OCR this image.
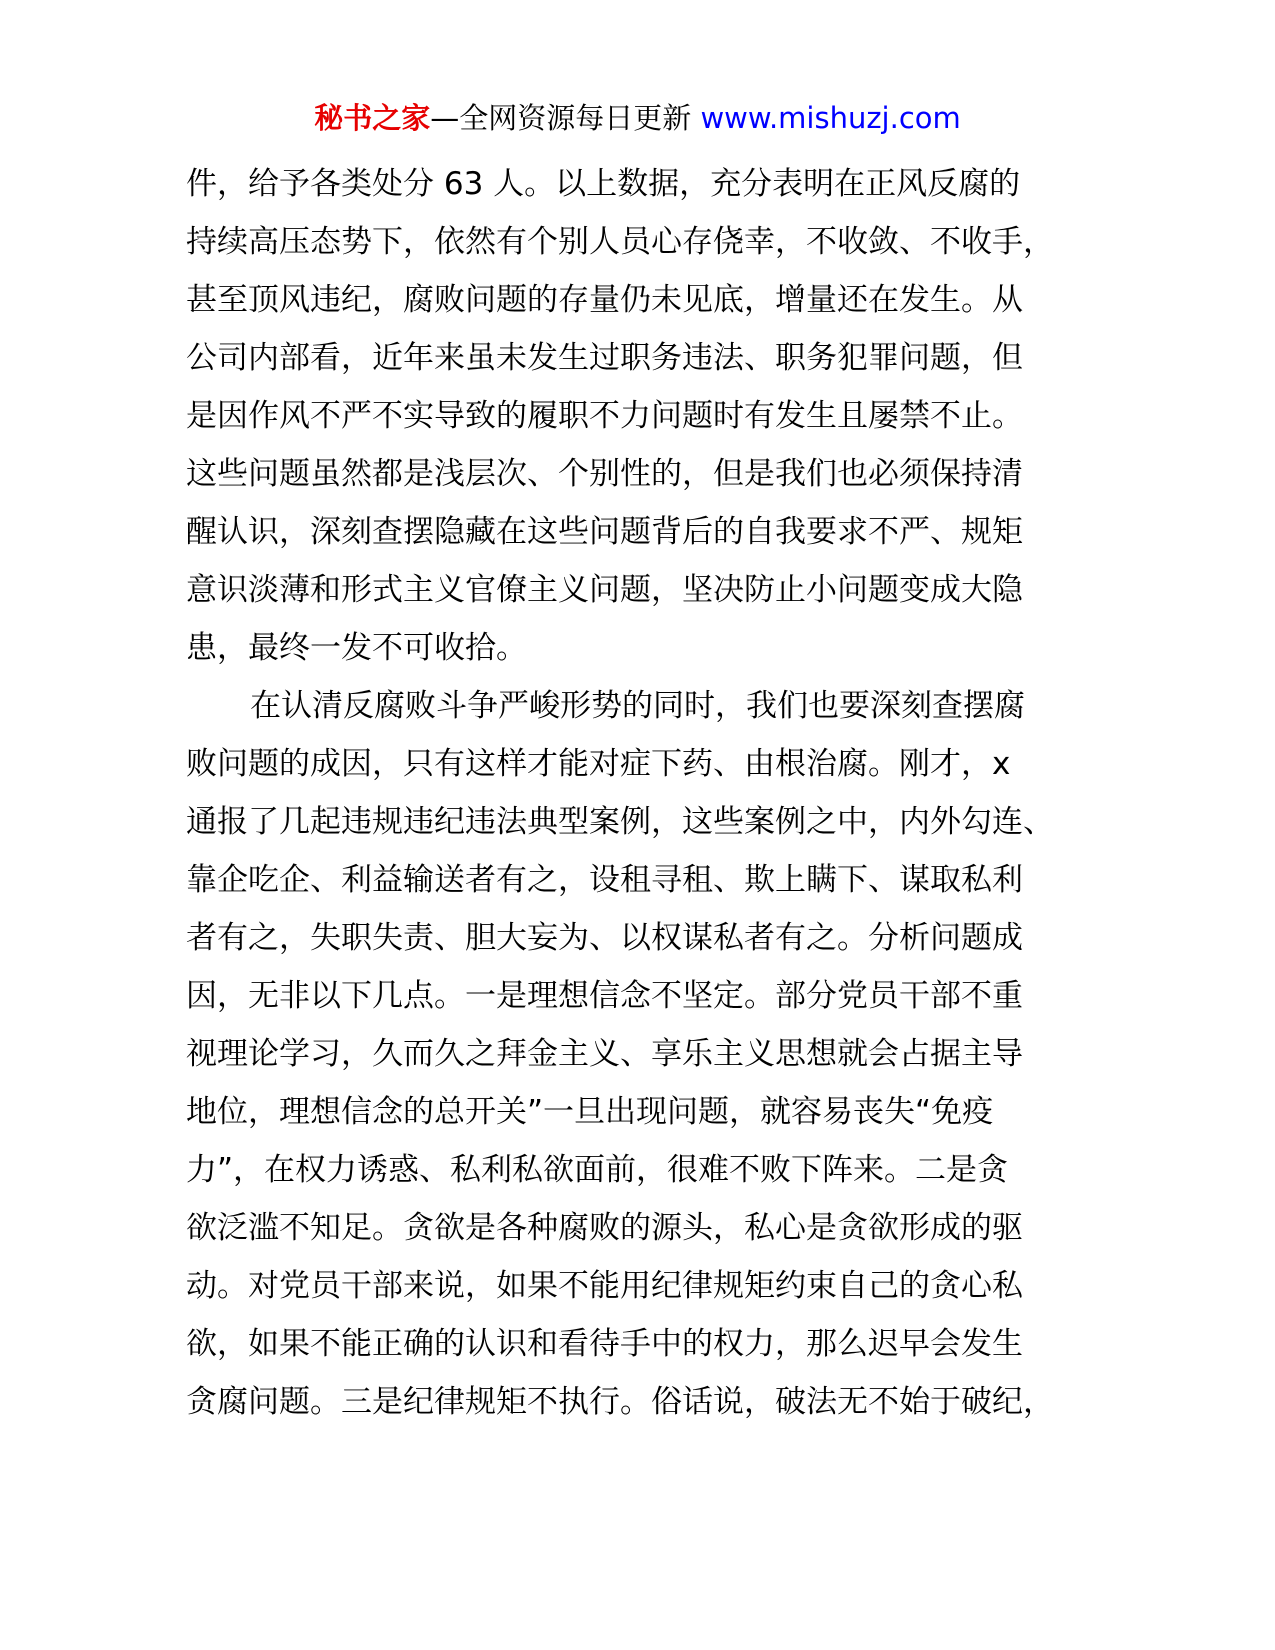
秘书之家—全网资源每日更新 www.mishuzj.com
件，给予各类处分 63 人。以上数据，充分表明在正风反腐的
持续高压态势下，依然有个别人员心存侥幸，不收敛、不收手，
甚至顶风违纪，腐败问题的存量仍未见底，增量还在发生。从
公司内部看，近年来虽未发生过职务违法、职务犯罪问题，但
是因作风不严不实导致的履职不力问题时有发生且屡禁不止。
这些问题虽然都是浅层次、个别性的，但是我们也必须保持清
醒认识，深刻查摆隐藏在这些问题背后的自我要求不严、规矩
意识淡薄和形式主义官僚主义问题，坚决防止小问题变成大隐
患，最终一发不可收拾。
在认清反腐败斗争严峻形势的同时，我们也要深刻查摆腐
败问题的成因，只有这样才能对症下药、由根治腐。刚才，x
通报了几起违规违纪违法典型案例，这些案例之中，内外勾连、
靠企吃企、利益输送者有之，设租寻租、欺上瞒下、谋取私利
者有之，失职失责、胆大妄为、以权谋私者有之。分析问题成
因，无非以下几点。一是理想信念不坚定。部分党员干部不重
视理论学习，久而久之拜金主义、享乐主义思想就会占据主导
地位，理想信念的总开关”一旦出现问题，就容易丧失“免疫
力”，在权力诱惑、私利私欲面前，很难不败下阵来。二是贪
欲泛滥不知足。贪欲是各种腐败的源头，私心是贪欲形成的驱
动。对党员干部来说，如果不能用纪律规矩约束自己的贪心私
欲，如果不能正确的认识和看待手中的权力，那么迟早会发生
贪腐问题。三是纪律规矩不执行。俗话说，破法无不始于破纪，
